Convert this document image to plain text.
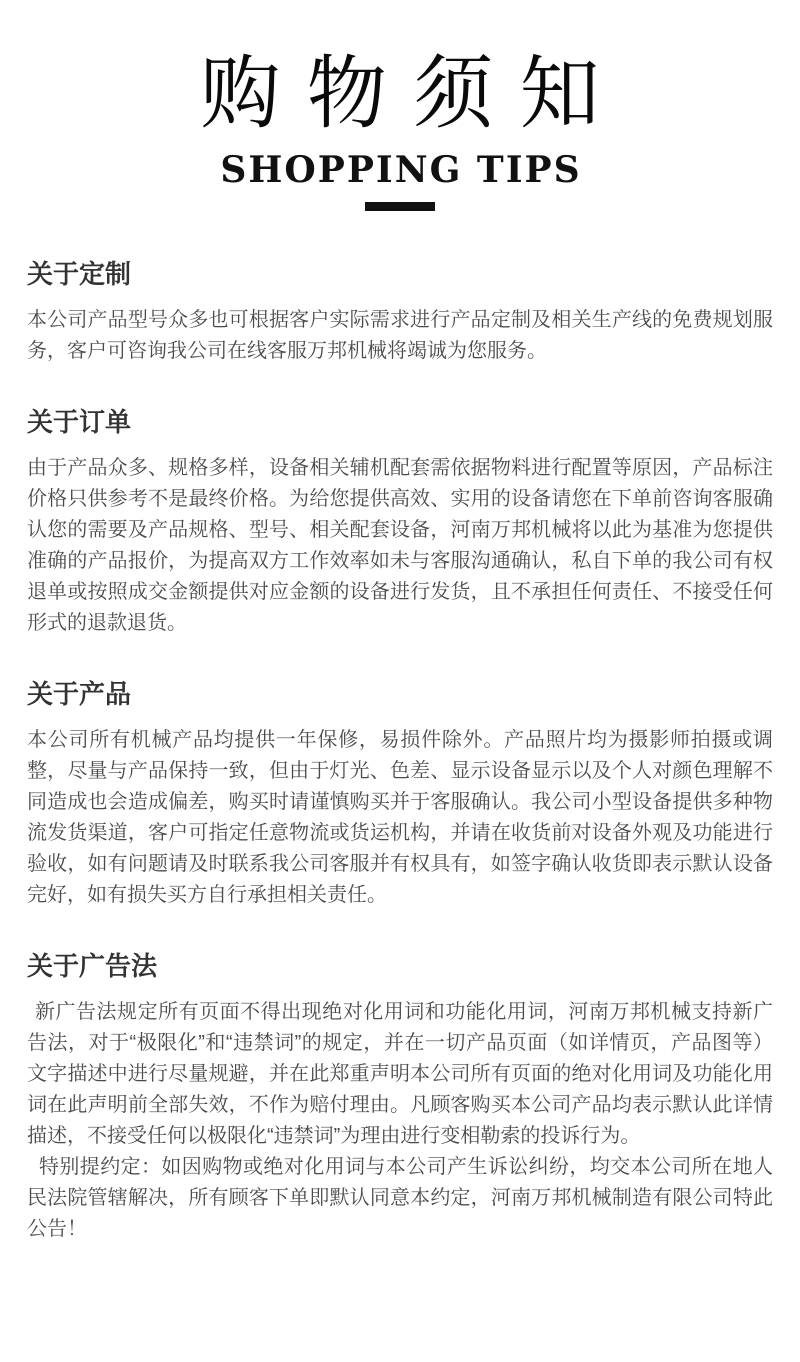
购物须知
SHOPPING TIPS
关于定制

本公司产品型号众多也可根据客户实际需求进行产品定制及相关生产线的免费规划服务，客户可咨询我公司在线客服万邦机械将竭诚为您服务。

关于订单

由于产品众多、规格多样，设备相关辅机配套需依据物料进行配置等原因，产品标注价格只供参考不是最终价格。为给您提供高效、实用的设备请您在下单前咨询客服确认您的需要及产品规格、型号、相关配套设备，河南万邦机械将以此为基准为您提供准确的产品报价，为提高双方工作效率如未与客服沟通确认，私自下单的我公司有权退单或按照成交金额提供对应金额的设备进行发货，且不承担任何责任、不接受任何形式的退款退货。

关于产品

本公司所有机械产品均提供一年保修，易损件除外。产品照片均为摄影师拍摄或调整，尽量与产品保持一致，但由于灯光、色差、显示设备显示以及个人对颜色理解不同造成也会造成偏差，购买时请谨慎购买并于客服确认。我公司小型设备提供多种物流发货渠道，客户可指定任意物流或货运机构，并请在收货前对设备外观及功能进行验收，如有问题请及时联系我公司客服并有权具有，如签字确认收货即表示默认设备完好，如有损失买方自行承担相关责任。

关于广告法

新广告法规定所有页面不得出现绝对化用词和功能化用词，河南万邦机械支持新广告法，对于“极限化”和“违禁词”的规定，并在一切产品页面（如详情页，产品图等）文字描述中进行尽量规避，并在此郑重声明本公司所有页面的绝对化用词及功能化用词在此声明前全部失效，不作为赔付理由。凡顾客购买本公司产品均表示默认此详情描述，不接受任何以极限化“违禁词”为理由进行变相勒索的投诉行为。

特别提约定：如因购物或绝对化用词与本公司产生诉讼纠纷，均交本公司所在地人民法院管辖解决，所有顾客下单即默认同意本约定，河南万邦机械制造有限公司特此公告！
